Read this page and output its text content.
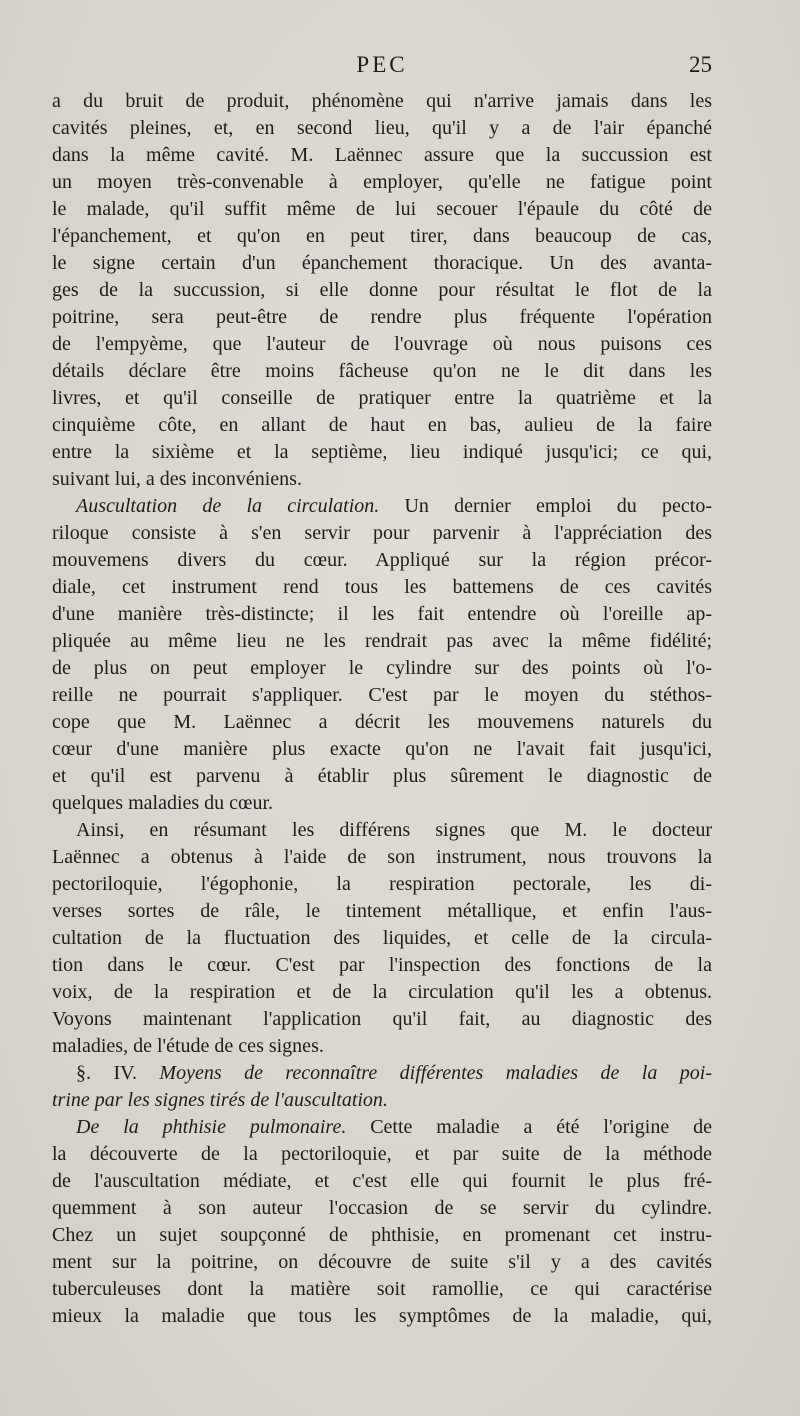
PEC	25
a du bruit de produit, phénomène qui n'arrive jamais dans les
cavités pleines, et, en second lieu, qu'il y a de l'air épanché
dans la même cavité. M. Laënnec assure que la succussion est
un moyen très-convenable à employer, qu'elle ne fatigue point
le malade, qu'il suffit même de lui secouer l'épaule du côté de
l'épanchement, et qu'on en peut tirer, dans beaucoup de cas,
le signe certain d'un épanchement thoracique. Un des avanta-
ges de la succussion, si elle donne pour résultat le flot de la
poitrine, sera peut-être de rendre plus fréquente l'opération
de l'empyème, que l'auteur de l'ouvrage où nous puisons ces
détails déclare être moins fâcheuse qu'on ne le dit dans les
livres, et qu'il conseille de pratiquer entre la quatrième et la
cinquième côte, en allant de haut en bas, aulieu de la faire
entre la sixième et la septième, lieu indiqué jusqu'ici; ce qui,
suivant lui, a des inconvéniens.
Auscultation de la circulation. Un dernier emploi du pecto-
riloque consiste à s'en servir pour parvenir à l'appréciation des
mouvemens divers du cœur. Appliqué sur la région précor-
diale, cet instrument rend tous les battemens de ces cavités
d'une manière très-distincte; il les fait entendre où l'oreille ap-
pliquée au même lieu ne les rendrait pas avec la même fidélité;
de plus on peut employer le cylindre sur des points où l'o-
reille ne pourrait s'appliquer. C'est par le moyen du stéthos-
cope que M. Laënnec a décrit les mouvemens naturels du
cœur d'une manière plus exacte qu'on ne l'avait fait jusqu'ici,
et qu'il est parvenu à établir plus sûrement le diagnostic de
quelques maladies du cœur.
Ainsi, en résumant les différens signes que M. le docteur
Laënnec a obtenus à l'aide de son instrument, nous trouvons la
pectoriloquie, l'égophonie, la respiration pectorale, les di-
verses sortes de râle, le tintement métallique, et enfin l'aus-
cultation de la fluctuation des liquides, et celle de la circula-
tion dans le cœur. C'est par l'inspection des fonctions de la
voix, de la respiration et de la circulation qu'il les a obtenus.
Voyons maintenant l'application qu'il fait, au diagnostic des
maladies, de l'étude de ces signes.
§. IV. Moyens de reconnaître différentes maladies de la poi-
trine par les signes tirés de l'auscultation.
De la phthisie pulmonaire. Cette maladie a été l'origine de
la découverte de la pectoriloquie, et par suite de la méthode
de l'auscultation médiate, et c'est elle qui fournit le plus fré-
quemment à son auteur l'occasion de se servir du cylindre.
Chez un sujet soupçonné de phthisie, en promenant cet instru-
ment sur la poitrine, on découvre de suite s'il y a des cavités
tuberculeuses dont la matière soit ramollie, ce qui caractérise
mieux la maladie que tous les symptômes de la maladie, qui,
